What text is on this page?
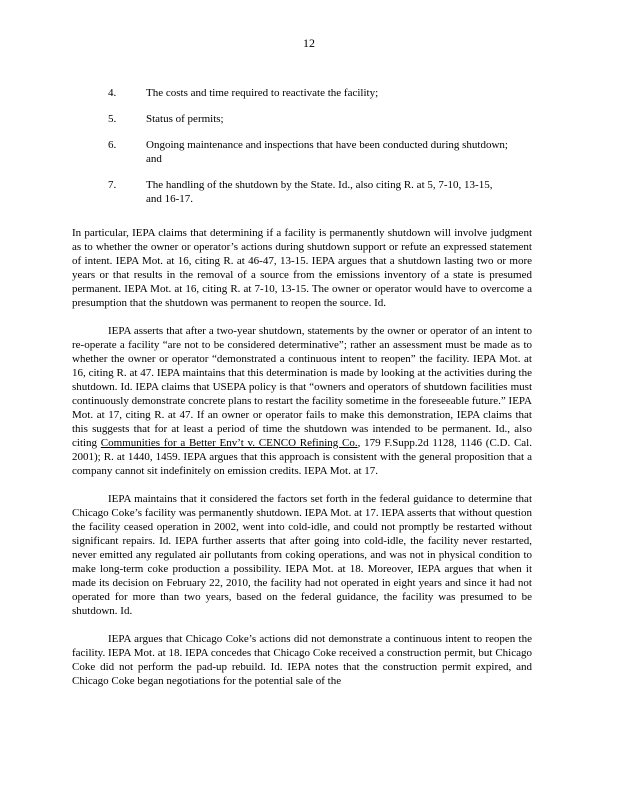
12
4.	The costs and time required to reactivate the facility;
5.	Status of permits;
6.	Ongoing maintenance and inspections that have been conducted during shutdown; and
7.	The handling of the shutdown by the State. Id., also citing R. at 5, 7-10, 13-15, and 16-17.

In particular, IEPA claims that determining if a facility is permanently shutdown will involve judgment as to whether the owner or operator’s actions during shutdown support or refute an expressed statement of intent. IEPA Mot. at 16, citing R. at 46-47, 13-15. IEPA argues that a shutdown lasting two or more years or that results in the removal of a source from the emissions inventory of a state is presumed permanent. IEPA Mot. at 16, citing R. at 7-10, 13-15. The owner or operator would have to overcome a presumption that the shutdown was permanent to reopen the source. Id.

IEPA asserts that after a two-year shutdown, statements by the owner or operator of an intent to re-operate a facility “are not to be considered determinative”; rather an assessment must be made as to whether the owner or operator “demonstrated a continuous intent to reopen” the facility. IEPA Mot. at 16, citing R. at 47. IEPA maintains that this determination is made by looking at the activities during the shutdown. Id. IEPA claims that USEPA policy is that “owners and operators of shutdown facilities must continuously demonstrate concrete plans to restart the facility sometime in the foreseeable future.” IEPA Mot. at 17, citing R. at 47. If an owner or operator fails to make this demonstration, IEPA claims that this suggests that for at least a period of time the shutdown was intended to be permanent. Id., also citing Communities for a Better Env’t v. CENCO Refining Co., 179 F.Supp.2d 1128, 1146 (C.D. Cal. 2001); R. at 1440, 1459. IEPA argues that this approach is consistent with the general proposition that a company cannot sit indefinitely on emission credits. IEPA Mot. at 17.

IEPA maintains that it considered the factors set forth in the federal guidance to determine that Chicago Coke’s facility was permanently shutdown. IEPA Mot. at 17. IEPA asserts that without question the facility ceased operation in 2002, went into cold-idle, and could not promptly be restarted without significant repairs. Id. IEPA further asserts that after going into cold-idle, the facility never restarted, never emitted any regulated air pollutants from coking operations, and was not in physical condition to make long-term coke production a possibility. IEPA Mot. at 18. Moreover, IEPA argues that when it made its decision on February 22, 2010, the facility had not operated in eight years and since it had not operated for more than two years, based on the federal guidance, the facility was presumed to be shutdown. Id.

IEPA argues that Chicago Coke’s actions did not demonstrate a continuous intent to reopen the facility. IEPA Mot. at 18. IEPA concedes that Chicago Coke received a construction permit, but Chicago Coke did not perform the pad-up rebuild. Id. IEPA notes that the construction permit expired, and Chicago Coke began negotiations for the potential sale of the
